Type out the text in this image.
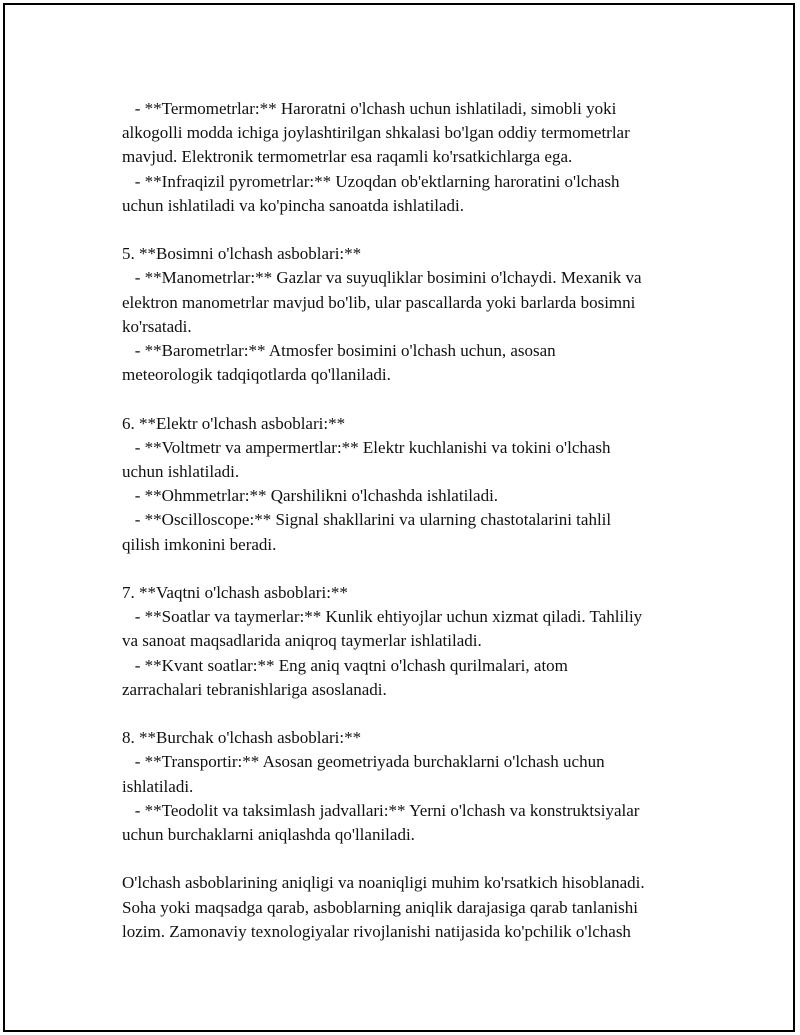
- **Termometrlar:** Haroratni o'lchash uchun ishlatiladi, simobli yoki
alkogolli modda ichiga joylashtirilgan shkalasi bo'lgan oddiy termometrlar
mavjud. Elektronik termometrlar esa raqamli ko'rsatkichlarga ega.
- **Infraqizil pyrometrlar:** Uzoqdan ob'ektlarning haroratini o'lchash
uchun ishlatiladi va ko'pincha sanoatda ishlatiladi.
5. **Bosimni o'lchash asboblari:**
- **Manometrlar:** Gazlar va suyuqliklar bosimini o'lchaydi. Mexanik va
elektron manometrlar mavjud bo'lib, ular pascallarda yoki barlarda bosimni
ko'rsatadi.
- **Barometrlar:** Atmosfer bosimini o'lchash uchun, asosan
meteorologik tadqiqotlarda qo'llaniladi.
6. **Elektr o'lchash asboblari:**
- **Voltmetr va ampermertlar:** Elektr kuchlanishi va tokini o'lchash
uchun ishlatiladi.
- **Ohmmetrlar:** Qarshilikni o'lchashda ishlatiladi.
- **Oscilloscope:** Signal shakllarini va ularning chastotalarini tahlil
qilish imkonini beradi.
7. **Vaqtni o'lchash asboblari:**
- **Soatlar va taymerlar:** Kunlik ehtiyojlar uchun xizmat qiladi. Tahliliy
va sanoat maqsadlarida aniqroq taymerlar ishlatiladi.
- **Kvant soatlar:** Eng aniq vaqtni o'lchash qurilmalari, atom
zarrachalari tebranishlariga asoslanadi.
8. **Burchak o'lchash asboblari:**
- **Transportir:** Asosan geometriyada burchaklarni o'lchash uchun
ishlatiladi.
- **Teodolit va taksimlash jadvallari:** Yerni o'lchash va konstruktsiyalar
uchun burchaklarni aniqlashda qo'llaniladi.
O'lchash asboblarining aniqligi va noaniqligi muhim ko'rsatkich hisoblanadi.
Soha yoki maqsadga qarab, asboblarning aniqlik darajasiga qarab tanlanishi
lozim. Zamonaviy texnologiyalar rivojlanishi natijasida ko'pchilik o'lchash
